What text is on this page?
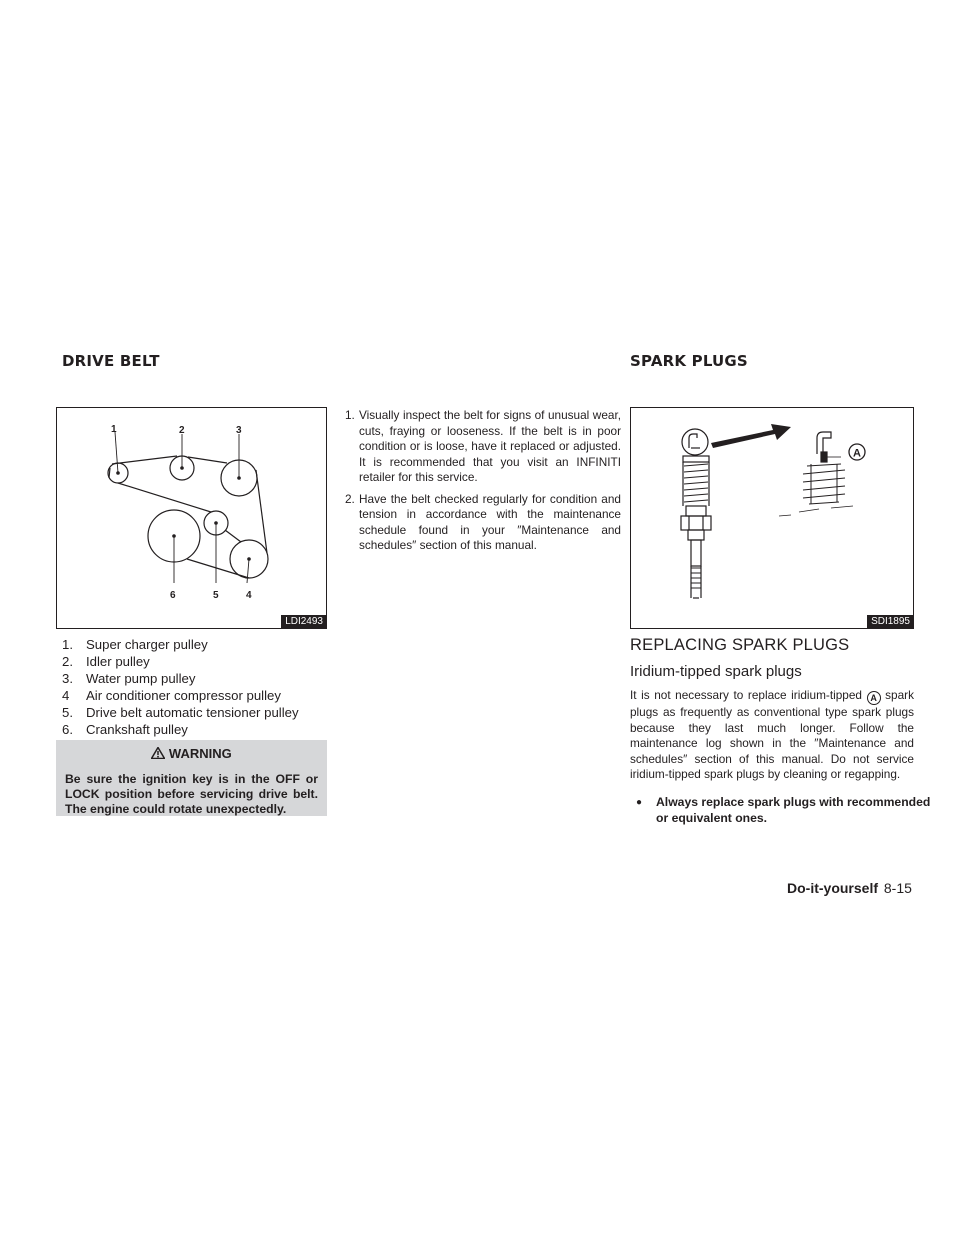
DRIVE BELT	SPARK PLUGS
1	2	3
4
5
6
LDI2493
1. Super charger pulley
2. Idler pulley
3. Water pump pulley
4 Air conditioner compressor pulley
5. Drive belt automatic tensioner pulley
6. Crankshaft pulley
WARNING
Be sure the ignition key is in the OFF or LOCK position before servicing drive belt. The engine could rotate unexpectedly.
1. Visually inspect the belt for signs of unusual wear, cuts, fraying or looseness. If the belt is in poor condition or is loose, have it replaced or adjusted. It is recommended that you visit an INFINITI retailer for this service.
2. Have the belt checked regularly for condition and tension in accordance with the maintenance schedule found in your ″Maintenance and schedules″ section of this manual.
A
SDI1895
REPLACING SPARK PLUGS
Iridium-tipped spark plugs
It is not necessary to replace iridium-tipped A spark plugs as frequently as conventional type spark plugs because they last much longer. Follow the maintenance log shown in the ″Maintenance and schedules″ section of this manual. Do not service iridium-tipped spark plugs by cleaning or regapping.
● Always replace spark plugs with recommended or equivalent ones.
Do-it-yourself 8-15
